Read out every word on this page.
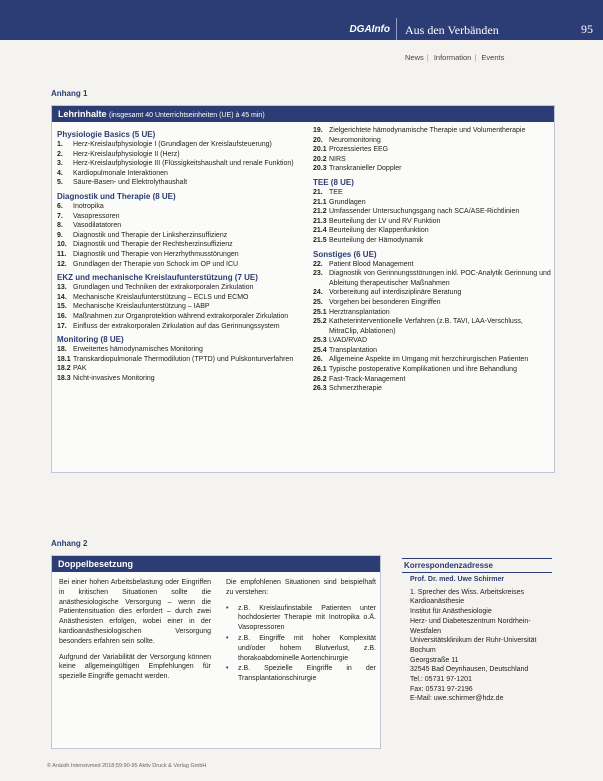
DGAInfo Aus den Verbänden	95
News | Information | Events
Anhang 1
Lehrinhalte (insgesamt 40 Unterrichtseinheiten (UE) à 45 min)
Physiologie Basics (5 UE)
1.	Herz-Kreislaufphysiologie I (Grundlagen der Kreislaufsteuerung)
2.	Herz-Kreislaufphysiologie II (Herz)
3.	Herz-Kreislaufphysiologie III (Flüssigkeitshaushalt und renale Funktion)
4.	Kardiopulmonale Interaktionen
5.	Säure-Basen- und Elektrolythaushalt
Diagnostik und Therapie (8 UE)
6.	Inotropika
7.	Vasopressoren
8.	Vasodilatatoren
9.	Diagnostik und Therapie der Linksherzinsuffizienz
10. Diagnostik und Therapie der Rechtsherzinsuffizienz
11. Diagnostik und Therapie von Herzrhythmusstörungen
12. Grundlagen der Therapie von Schock im OP und ICU
EKZ und mechanische Kreislaufunterstützung (7 UE)
13. Grundlagen und Techniken der extrakorporalen Zirkulation
14. Mechanische Kreislaufunterstützung – ECLS und ECMO
15. Mechanische Kreislaufunterstützung – IABP
16. Maßnahmen zur Organprotektion während extrakorporaler Zirkulation
17. Einfluss der extrakorporalen Zirkulation auf das Gerinnungssystem
Monitoring (8 UE)
18. Erweitertes hämodynamisches Monitoring
18.1 Transkardiopulmonale Thermodilution (TPTD) und Pulskonturverfahren
18.2 PAK
18.3 Nicht-invasives Monitoring
19. Zielgerichtete hämodynamische Therapie und Volumentherapie
20. Neuromonitoring
20.1 Prozessiertes EEG
20.2 NIRS
20.3 Transkranieller Doppler
TEE (8 UE)
21. TEE
21.1 Grundlagen
21.2 Umfassender Untersuchungsgang nach SCA/ASE-Richtlinien
21.3 Beurteilung der LV und RV Funktion
21.4 Beurteilung der Klappenfunktion
21.5 Beurteilung der Hämodynamik
Sonstiges (6 UE)
22. Patient Blood Management
23. Diagnostik von Gerinnungsstörungen inkl. POC-Analytik Gerinnung und Ableitung therapeutischer Maßnahmen
24. Vorbereitung auf interdisziplinäre Beratung
25. Vorgehen bei besonderen Eingriffen
25.1 Herztransplantation
25.2 Katheterinterventionelle Verfahren (z.B. TAVI, LAA-Verschluss, MitraClip, Ablationen)
25.3 LVAD/RVAD
25.4 Transplantation
26. Allgemeine Aspekte im Umgang mit herzchirurgischen Patienten
26.1 Typische postoperative Komplikationen und ihre Behandlung
26.2 Fast-Track-Management
26.3 Schmerztherapie
Anhang 2
Doppelbesetzung

Bei einer hohen Arbeitsbelastung oder Eingriffen in kritischen Situationen sollte die anästhesiologische Versorgung – wenn die Patientensituation dies erfordert – durch zwei Anästhesisten erfolgen, wobei einer in der kardioanästhesiologischen Versorgung besonders erfahren sein sollte.

Aufgrund der Variabilität der Versorgung können keine allgemeingültigen Empfehlungen für spezielle Eingriffe gemacht werden.

Die empfohlenen Situationen sind beispielhaft zu verstehen:

•	z.B. Kreislaufinstabile Patienten unter hochdosierter Therapie mit Inotropika o.Ä. Vasopressoren
•	z.B. Eingriffe mit hoher Komplexität und/oder hohem Blutverlust, z.B. thorakoabdominelle Aortenchirurgie
•	z.B. Spezielle Eingriffe in der Transplantationschirurgie
Korrespondenzadresse
Prof. Dr. med. Uwe Schirmer
1. Sprecher des Wiss. Arbeitskreises Kardioanästhesie
Institut für Anästhesiologie
Herz- und Diabeteszentrum Nordrhein-Westfalen
Universitätsklinikum der Ruhr-Universität Bochum
Georgstraße 11
32545 Bad Oeynhausen, Deutschland
Tel.: 05731 97-1201
Fax: 05731 97-2196
E-Mail: uwe.schirmer@hdz.de
© Anästh Intensivmed 2018;59:90-95 Aktiv Druck & Verlag GmbH
